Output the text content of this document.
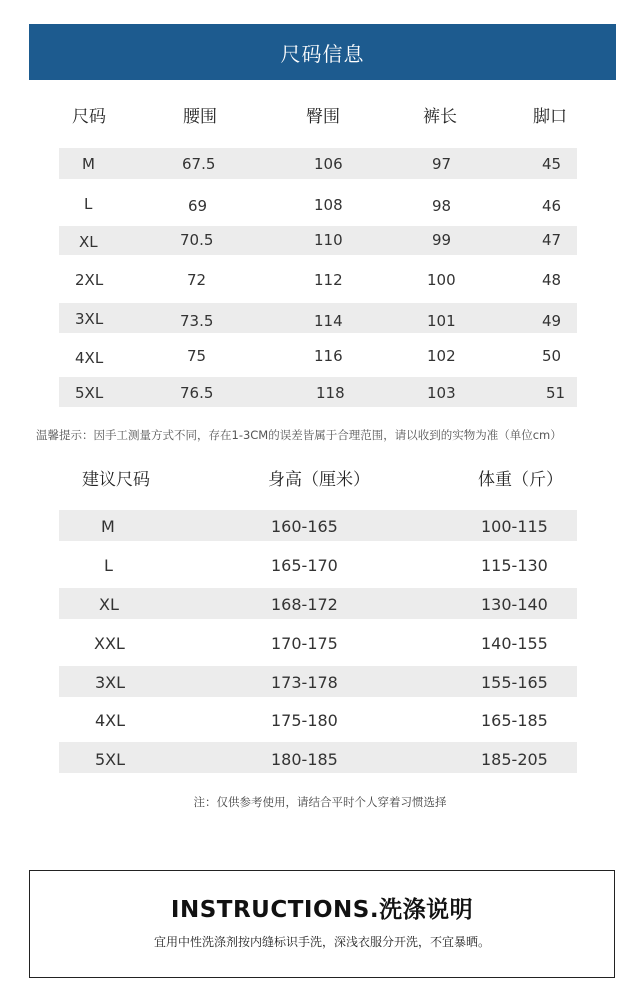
尺码信息
尺码	腰围	臀围	裤长	脚口
M	67.5	106	97	45
L	69	108	98	46
XL	70.5	110	99	47
2XL	72	112	100	48
3XL	73.5	114	101	49
4XL	75	116	102	50
5XL	76.5	118	103	51
温馨提示：因手工测量方式不同，存在1-3CM的误差皆属于合理范围，请以收到的实物为准（单位cm）
建议尺码	身高（厘米）	体重（斤）
M	160-165	100-115
L	165-170	115-130
XL	168-172	130-140
XXL	170-175	140-155
3XL	173-178	155-165
4XL	175-180	165-185
5XL	180-185	185-205
注：仅供参考使用，请结合平时个人穿着习惯选择
INSTRUCTIONS.洗涤说明
宜用中性洗涤剂按内缝标识手洗，深浅衣服分开洗，不宜暴晒。
